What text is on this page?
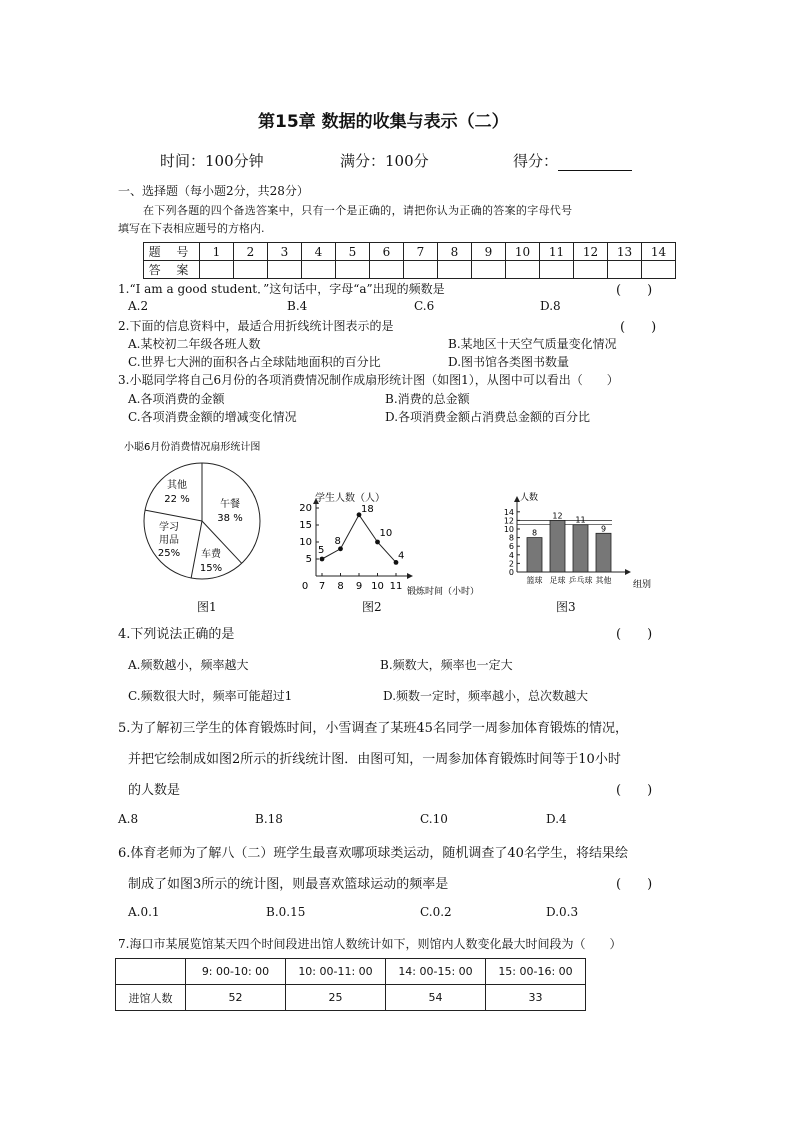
第15章 数据的收集与表示（二）
时间：100分钟	满分：100分	得分：
一、选择题（每小题2分，共28分）
在下列各题的四个备选答案中，只有一个是正确的，请把你认为正确的答案的字母代号
填写在下表相应题号的方格内.
题 号	1	2	3	4	5	6	7	8	9	10	11	12	13	14
答 案														
1.“I am a good student．”这句话中，字母“a”出现的频数是	(　　)
A.2	B.4	C.6	D.8
2.下面的信息资料中，最适合用折线统计图表示的是	(　　)
A.某校初二年级各班人数	B.某地区十天空气质量变化情况
C.世界七大洲的面积各占全球陆地面积的百分比	D.图书馆各类图书数量
3.小聪同学将自己6月份的各项消费情况制作成扇形统计图（如图1），从图中可以看出（　　）
A.各项消费的金额	B.消费的总金额
C.各项消费金额的增减变化情况	D.各项消费金额占消费总金额的百分比
小聪6月份消费情况扇形统计图
其他
22 %	午餐
38 %
学习
用品
25% 车费
15%
图1
5
10
15
20
0 7 8 9 10 11
5
8
18
10
4
学生人数（人）
锻炼时间（小时）
图2
0
2
4
6
8
10
12
14
8
篮球
12
足球
11
乒乓球
9
其他
人数
组别
图3
4.下列说法正确的是	(　　)
A.频数越小，频率越大	B.频数大，频率也一定大
C.频数很大时，频率可能超过1	D.频数一定时，频率越小，总次数越大
5.为了解初三学生的体育锻炼时间，小雪调查了某班45名同学一周参加体育锻炼的情况，
并把它绘制成如图2所示的折线统计图．由图可知，一周参加体育锻炼时间等于10小时
的人数是	(　　)
A.8	B.18	C.10	D.4
6.体育老师为了解八（二）班学生最喜欢哪项球类运动，随机调查了40名学生，将结果绘
制成了如图3所示的统计图，则最喜欢篮球运动的频率是	(　　)
A.0.1	B.0.15	C.0.2	D.0.3
7.海口市某展览馆某天四个时间段进出馆人数统计如下，则馆内人数变化最大时间段为（　　）
	9: 00-10: 00	10: 00-11: 00	14: 00-15: 00	15: 00-16: 00
进馆人数	52	25	54	33
